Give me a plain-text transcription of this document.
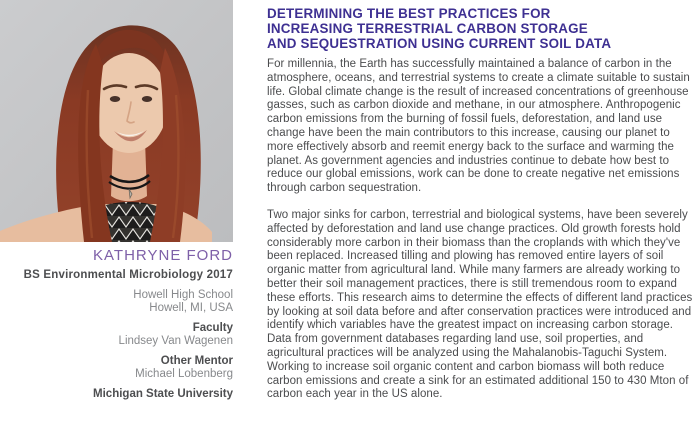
KATHRYNE FORD
BS Environmental Microbiology 2017
Howell High School
Howell, MI, USA
Faculty
Lindsey Van Wagenen
Other Mentor
Michael Lobenberg
Michigan State University
DETERMINING THE BEST PRACTICES FOR
INCREASING TERRESTRIAL CARBON STORAGE
AND SEQUESTRATION USING CURRENT SOIL DATA

For millennia, the Earth has successfully maintained a balance of carbon in the atmosphere, oceans, and terrestrial systems to create a climate suitable to sustain life. Global climate change is the result of increased concentrations of greenhouse gasses, such as carbon dioxide and methane, in our atmosphere. Anthropogenic carbon emissions from the burning of fossil fuels, deforestation, and land use change have been the main contributors to this increase, causing our planet to more effectively absorb and reemit energy back to the surface and warming the planet. As government agencies and industries continue to debate how best to reduce our global emissions, work can be done to create negative net emissions through carbon sequestration.

Two major sinks for carbon, terrestrial and biological systems, have been severely affected by deforestation and land use change practices. Old growth forests hold considerably more carbon in their biomass than the croplands with which they've been replaced. Increased tilling and plowing has removed entire layers of soil organic matter from agricultural land. While many farmers are already working to better their soil management practices, there is still tremendous room to expand these efforts. This research aims to determine the effects of different land practices by looking at soil data before and after conservation practices were introduced and identify which variables have the greatest impact on increasing carbon storage. Data from government databases regarding land use, soil properties, and agricultural practices will be analyzed using the Mahalanobis-Taguchi System. Working to increase soil organic content and carbon biomass will both reduce carbon emissions and create a sink for an estimated additional 150 to 430 Mton of carbon each year in the US alone.
